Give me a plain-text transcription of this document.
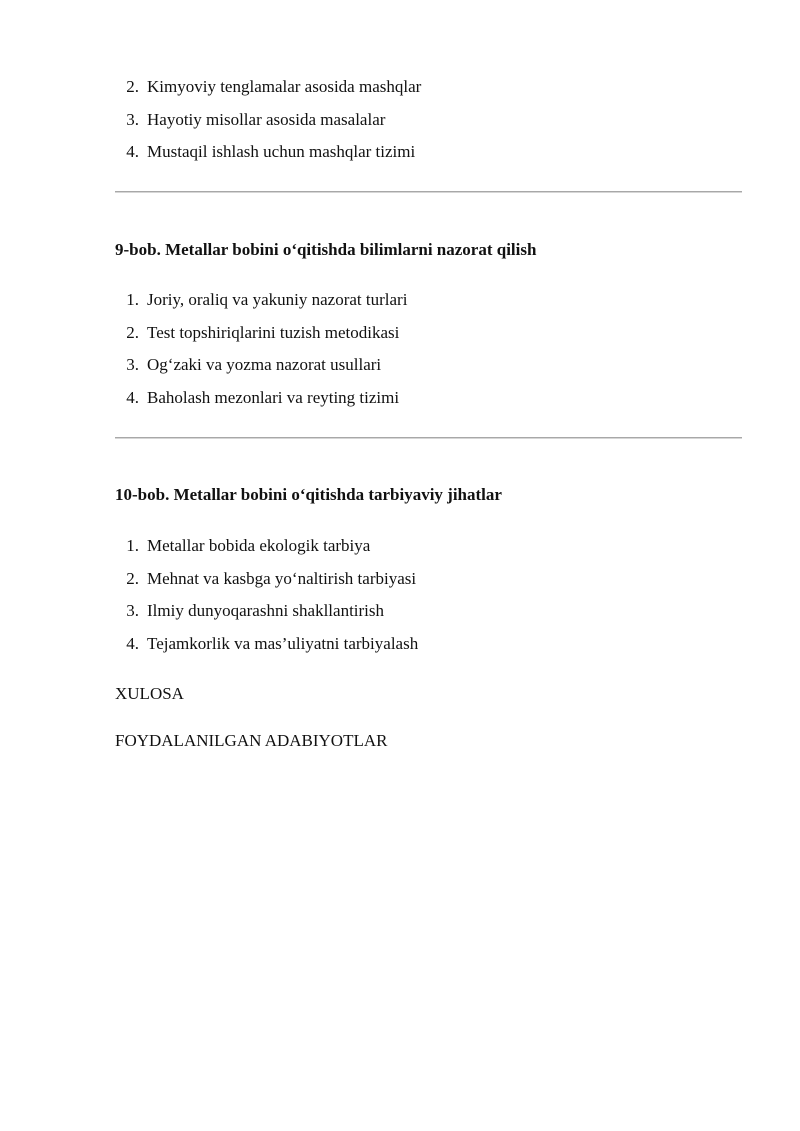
2. Kimyoviy tenglamalar asosida mashqlar
3. Hayotiy misollar asosida masalalar
4. Mustaqil ishlash uchun mashqlar tizimi
9-bob. Metallar bobini o‘qitishda bilimlarni nazorat qilish
1. Joriy, oraliq va yakuniy nazorat turlari
2. Test topshiriqlarini tuzish metodikasi
3. Og‘zaki va yozma nazorat usullari
4. Baholash mezonlari va reyting tizimi
10-bob. Metallar bobini o‘qitishda tarbiyaviy jihatlar
1. Metallar bobida ekologik tarbiya
2. Mehnat va kasbga yo‘naltirish tarbiyasi
3. Ilmiy dunyoqarashni shakllantirish
4. Tejamkorlik va mas’uliyatni tarbiyalash

XULOSA

FOYDALANILGAN ADABIYOTLAR
